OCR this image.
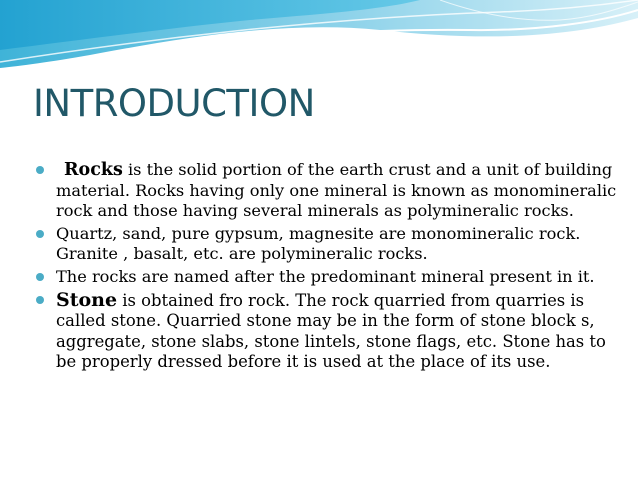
INTRODUCTION
Rocks is the solid portion of the earth crust and a unit of building material. Rocks having only one mineral is known as monomineralic rock and those having several minerals as polymineralic rocks.
Quartz, sand, pure gypsum, magnesite are monomineralic rock. Granite , basalt, etc. are polymineralic rocks.
The rocks are named after the predominant mineral present in it.
Stone is obtained fro rock. The rock quarried from quarries is called stone. Quarried stone may be in the form of stone block s, aggregate, stone slabs, stone lintels, stone flags, etc. Stone has to be properly dressed before it is used at the place of its use.
